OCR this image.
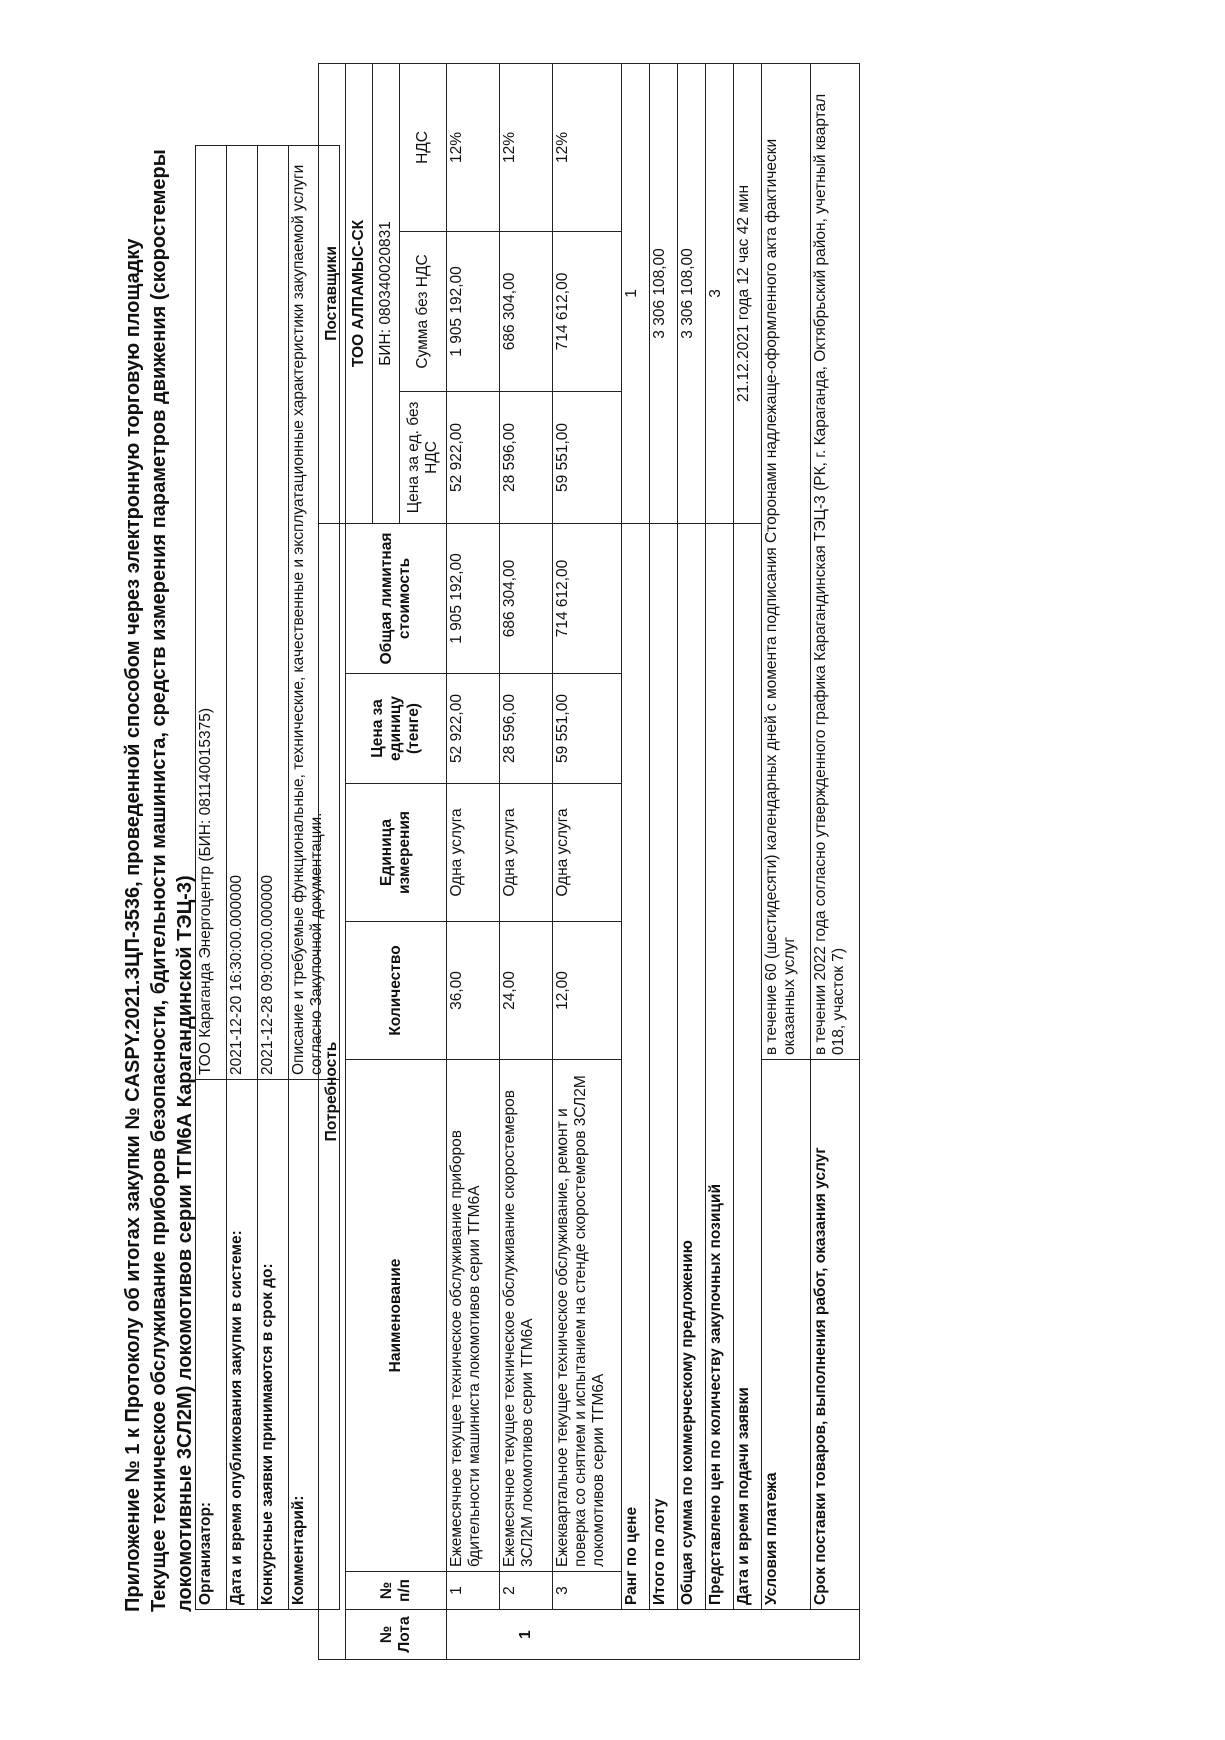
Приложение № 1 к Протоколу об итогах закупки № CASPY.2021.ЗЦП-3536, проведенной способом через электронную торговую площадку Текущее техническое обслуживание приборов безопасности, бдительности машиниста, средств измерения параметров движения (скоростемеры локомотивные 3СЛ2М) локомотивов серии ТГМ6А Карагандинской ТЭЦ-3) Организатор:	ТОО Караганда Энергоцентр (БИН: 081140015375)
Дата и время опубликования закупки в системе:	2021-12-20 16:30:00.000000
Конкурсные заявки принимаются в срок до:	2021-12-28 09:00:00.000000
Комментарий:	Описание и требуемые функциональные, технические, качественные и эксплуатационные характеристики закупаемой услуги согласно Закупочной документации.
Потребность							Поставщики		
№ Лота	№ п/п	Наименование	Количество	Единица измерения	Цена за единицу (тенге)	Общая лимитная стоимость	ТОО АЛПАМЫС-СК		
							БИН: 080340020831		
							Цена за ед. без НДС	Сумма без НДС	НДС
1	1	Ежемесячное текущее техническое обслуживание приборов бдительности машиниста локомотивов серии ТГМ6А	36,00	Одна услуга	52 922,00	1 905 192,00	52 922,00	1 905 192,00	12%
	2	Ежемесячное текущее техническое обслуживание скоростемеров 3СЛ2М локомотивов серии ТГМ6А	24,00	Одна услуга	28 596,00	686 304,00	28 596,00	686 304,00	12%
	3	Ежеквартальное текущее техническое обслуживание, ремонт и поверка со снятием и испытанием на стенде скоростемеров 3СЛ2М локомотивов серии ТГМ6А	12,00	Одна услуга	59 551,00	714 612,00	59 551,00	714 612,00	12%
	Ранг по цене						1		
	Итого по лоту						3 306 108,00		
	Общая сумма по коммерческому предложению						3 306 108,00		
	Представлено цен по количеству закупочных позиций						3		
	Дата и время подачи заявки						21.12.2021 года 12 час 42 мин		
	Условия платежа		в течение 60 (шестидесяти) календарных дней с момента подписания Сторонами надлежаще-оформленного акта фактически оказанных услуг						
	Срок поставки товаров, выполнения работ, оказания услуг		в течении 2022 года согласно утвержденного графика Карагандинская ТЭЦ-3 (РК, г. Караганда, Октябрьский район, учетный квартал 018, участок 7)						
